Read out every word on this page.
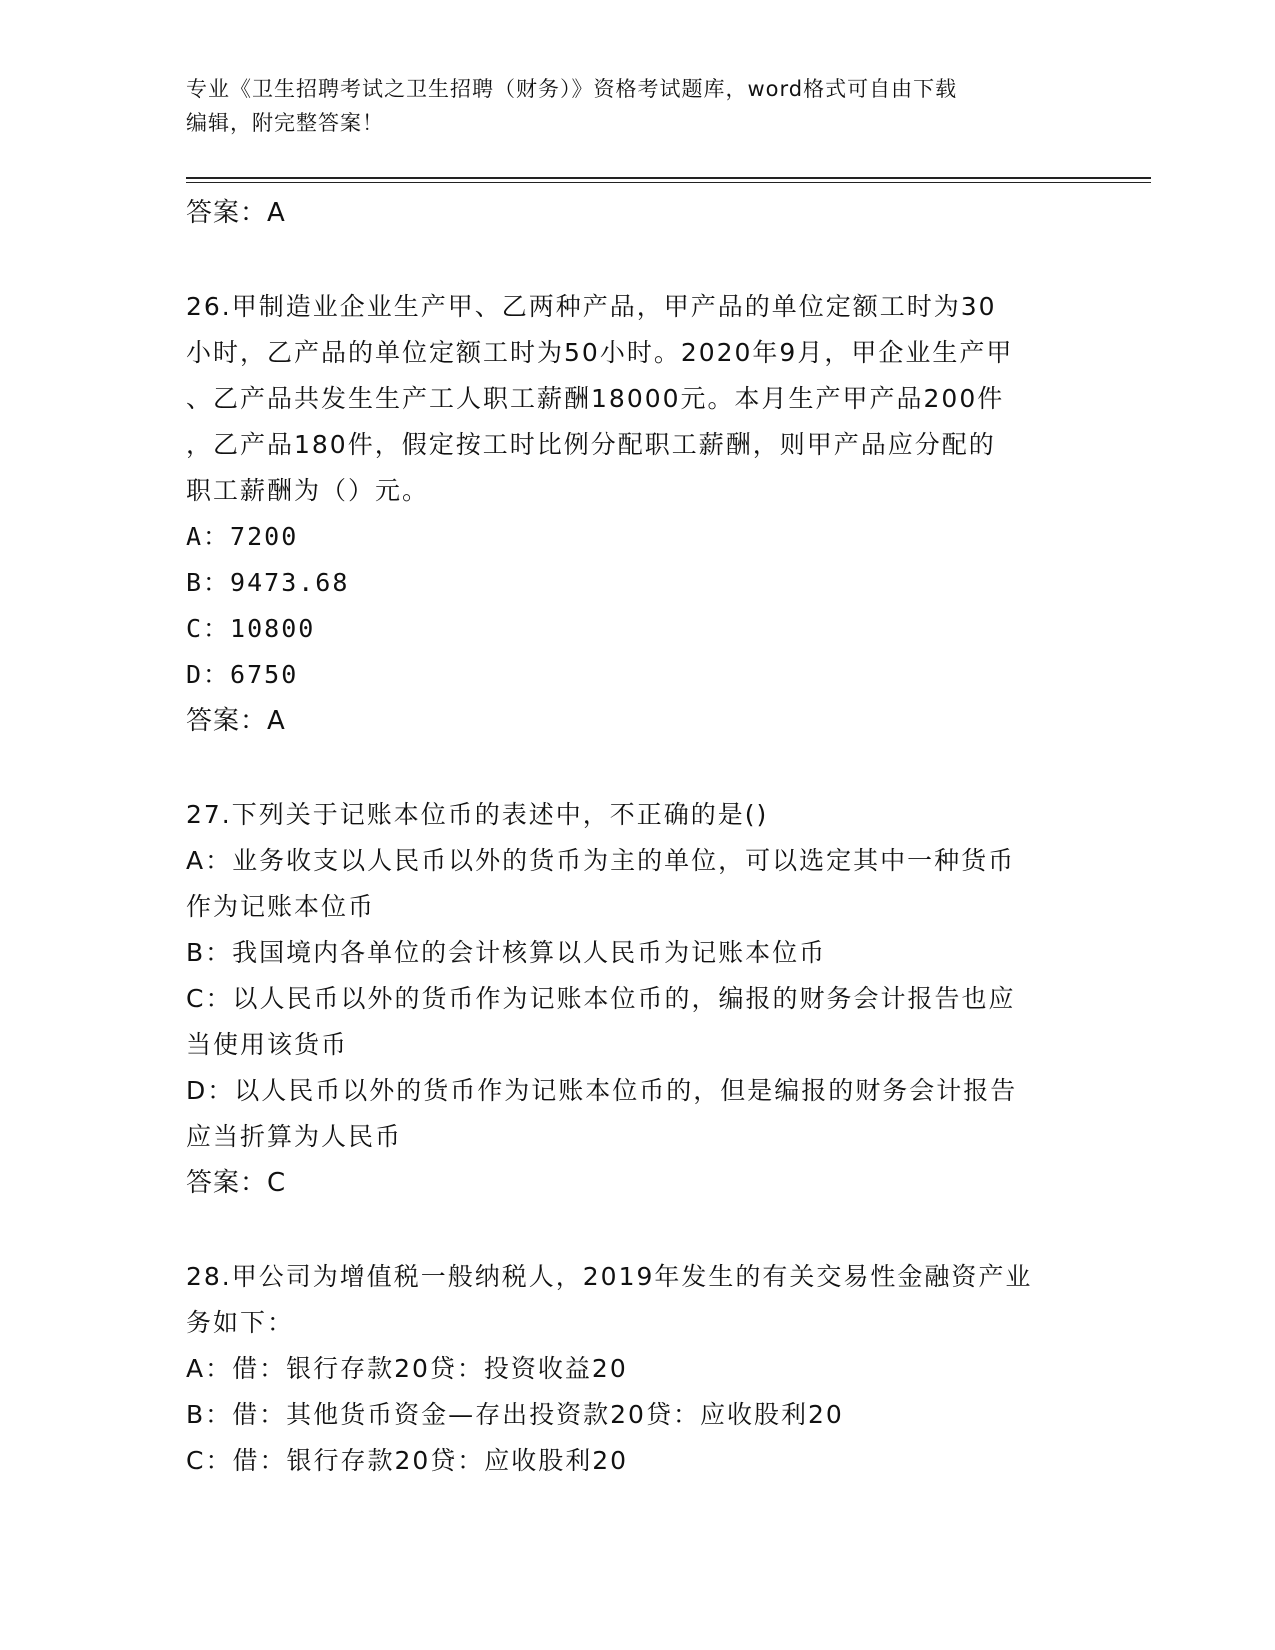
专业《卫生招聘考试之卫生招聘（财务）》资格考试题库，word格式可自由下载
编辑，附完整答案！
答案：A
26.甲制造业企业生产甲、乙两种产品，甲产品的单位定额工时为30
小时，乙产品的单位定额工时为50小时。2020年9月，甲企业生产甲
、乙产品共发生生产工人职工薪酬18000元。本月生产甲产品200件
，乙产品180件，假定按工时比例分配职工薪酬，则甲产品应分配的
职工薪酬为（）元。
A：7200
B：9473.68
C：10800
D：6750
答案：A
27.下列关于记账本位币的表述中，不正确的是()
A：业务收支以人民币以外的货币为主的单位，可以选定其中一种货币
作为记账本位币
B：我国境内各单位的会计核算以人民币为记账本位币
C：以人民币以外的货币作为记账本位币的，编报的财务会计报告也应
当使用该货币
D：以人民币以外的货币作为记账本位币的，但是编报的财务会计报告
应当折算为人民币
答案：C
28.甲公司为增值税一般纳税人，2019年发生的有关交易性金融资产业
务如下：
A：借：银行存款20贷：投资收益20
B：借：其他货币资金—存出投资款20贷：应收股利20
C：借：银行存款20贷：应收股利20
